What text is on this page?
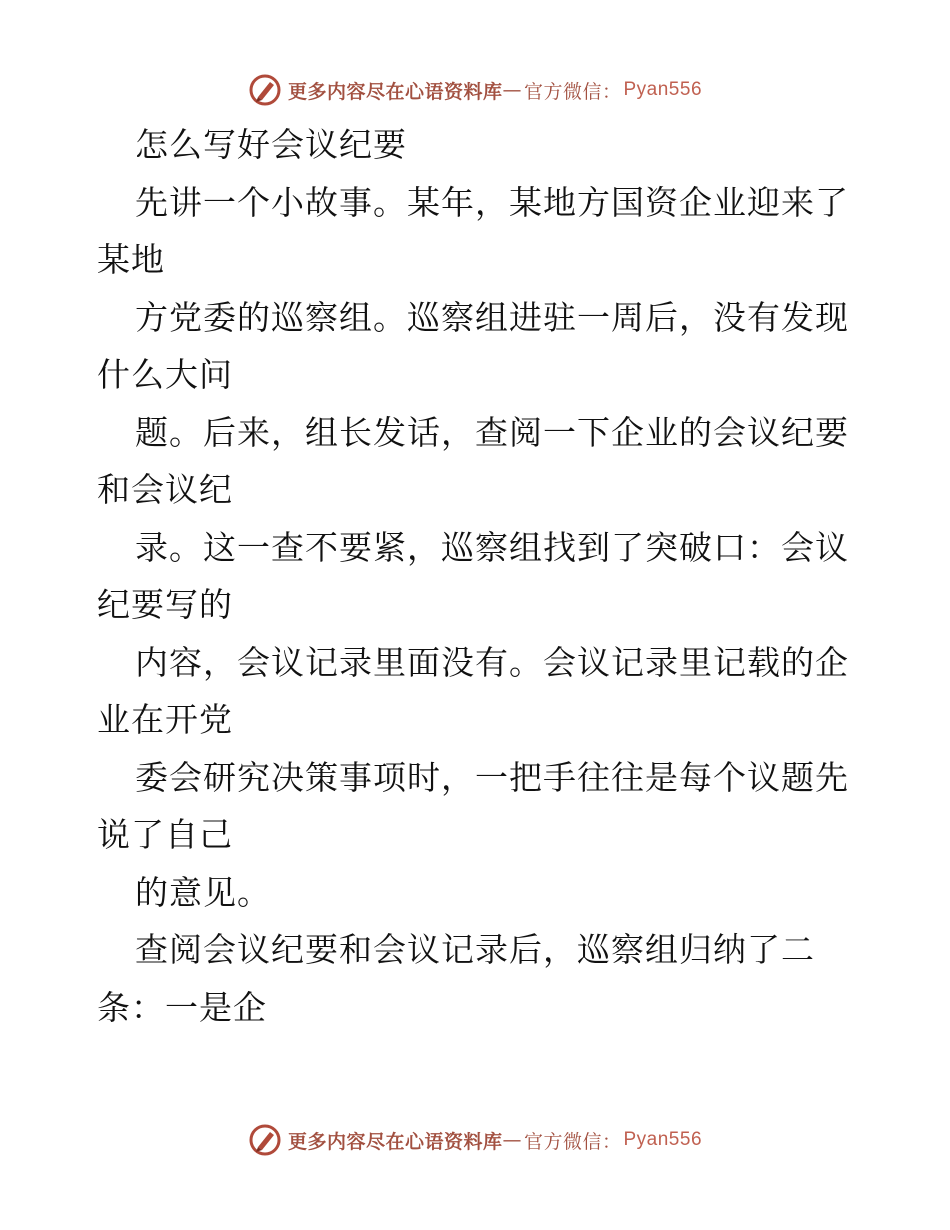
更多内容尽在心语资料库 — 官方微信： Pyan556
怎么写好会议纪要
先讲一个小故事。某年，某地方国资企业迎来了
某地
方党委的巡察组。巡察组进驻一周后，没有发现
什么大问
题。后来，组长发话，查阅一下企业的会议纪要
和会议纪
录。这一查不要紧，巡察组找到了突破口：会议
纪要写的
内容，会议记录里面没有。会议记录里记载的企
业在开党
委会研究决策事项时，一把手往往是每个议题先
说了自己
的意见。
查阅会议纪要和会议记录后，巡察组归纳了二
条：一是企
更多内容尽在心语资料库 — 官方微信： Pyan556
